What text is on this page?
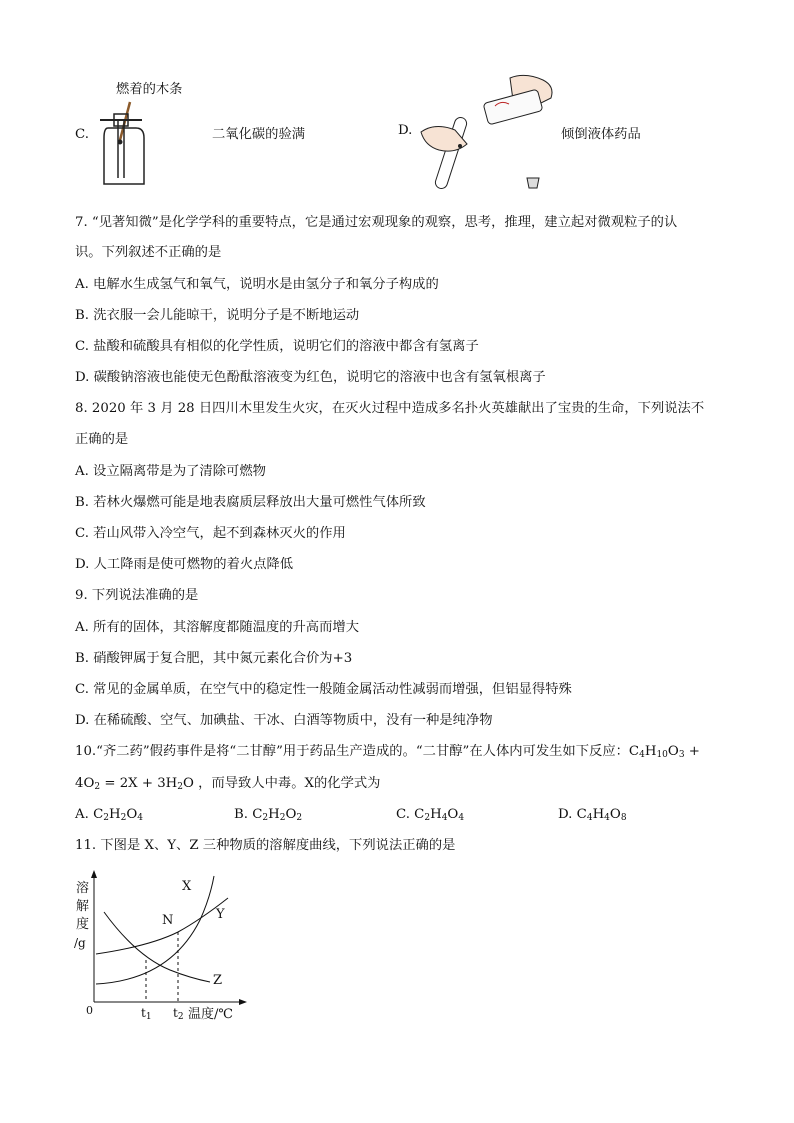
燃着的木条
C.	二氧化碳的验满	D.	倾倒液体药品
7. “见著知微”是化学学科的重要特点，它是通过宏观现象的观察，思考，推理，建立起对微观粒子的认
识。下列叙述不正确的是
A. 电解水生成氢气和氧气，说明水是由氢分子和氧分子构成的
B. 洗衣服一会儿能晾干，说明分子是不断地运动
C. 盐酸和硫酸具有相似的化学性质，说明它们的溶液中都含有氢离子
D. 碳酸钠溶液也能使无色酚酞溶液变为红色，说明它的溶液中也含有氢氧根离子
8. 2020 年 3 月 28 日四川木里发生火灾，在灭火过程中造成多名扑火英雄献出了宝贵的生命，下列说法不
正确的是
A. 设立隔离带是为了清除可燃物
B. 若林火爆燃可能是地表腐质层释放出大量可燃性气体所致
C. 若山风带入冷空气，起不到森林灭火的作用
D. 人工降雨是使可燃物的着火点降低
9. 下列说法准确的是
A. 所有的固体，其溶解度都随温度的升高而增大
B. 硝酸钾属于复合肥，其中氮元素化合价为+3
C. 常见的金属单质，在空气中的稳定性一般随金属活动性减弱而增强，但铝显得特殊
D. 在稀硫酸、空气、加碘盐、干冰、白酒等物质中，没有一种是纯净物
10.“齐二药”假药事件是将“二甘醇”用于药品生产造成的。“二甘醇”在人体内可发生如下反应：$C_4H_{10}O_3$ +
$4O_2 = 2X + 3H_2O$ ，而导致人中毒。X的化学式为
A. $C_2H_2O_4$	B. $C_2H_2O_2$	C. $C_2H_4O_4$	D. $C_4H_4O_8$
11. 下图是 X、Y、Z 三种物质的溶解度曲线，下列说法正确的是
溶
解
度
/g
X
Y
Z
N
0	$t_1$ $t_2$ 温度/℃
